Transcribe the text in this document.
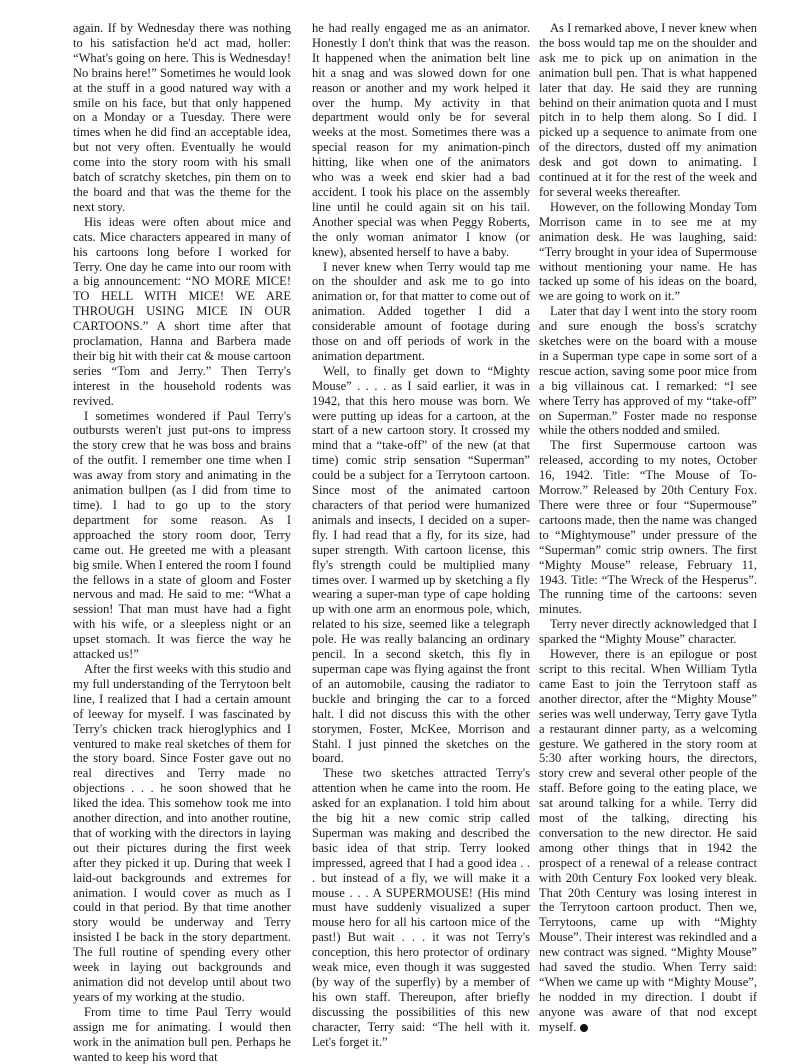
again. If by Wednesday there was nothing to his satisfaction he'd act mad, holler: “What's going on here. This is Wednesday! No brains here!” Sometimes he would look at the stuff in a good natured way with a smile on his face, but that only happened on a Monday or a Tuesday. There were times when he did find an acceptable idea, but not very often. Eventually he would come into the story room with his small batch of scratchy sketches, pin them on to the board and that was the theme for the next story.

His ideas were often about mice and cats. Mice characters appeared in many of his cartoons long before I worked for Terry. One day he came into our room with a big announcement: “NO MORE MICE! TO HELL WITH MICE! WE ARE THROUGH USING MICE IN OUR CARTOONS.” A short time after that proclamation, Hanna and Barbera made their big hit with their cat & mouse cartoon series “Tom and Jerry.” Then Terry's interest in the household rodents was revived.

I sometimes wondered if Paul Terry's outbursts weren't just put-ons to impress the story crew that he was boss and brains of the outfit. I remember one time when I was away from story and animating in the animation bullpen (as I did from time to time). I had to go up to the story department for some reason. As I approached the story room door, Terry came out. He greeted me with a pleasant big smile. When I entered the room I found the fellows in a state of gloom and Foster nervous and mad. He said to me: “What a session! That man must have had a fight with his wife, or a sleepless night or an upset stomach. It was fierce the way he attacked us!”

After the first weeks with this studio and my full understanding of the Terrytoon belt line, I realized that I had a certain amount of leeway for myself. I was fascinated by Terry's chicken track hieroglyphics and I ventured to make real sketches of them for the story board. Since Foster gave out no real directives and Terry made no objections . . . he soon showed that he liked the idea. This somehow took me into another direction, and into another routine, that of working with the directors in laying out their pictures during the first week after they picked it up. During that week I laid-out backgrounds and extremes for animation. I would cover as much as I could in that period. By that time another story would be underway and Terry insisted I be back in the story department. The full routine of spending every other week in laying out backgrounds and animation did not develop until about two years of my working at the studio.

From time to time Paul Terry would assign me for animating. I would then work in the animation bull pen. Perhaps he wanted to keep his word that

he had really engaged me as an animator. Honestly I don't think that was the reason. It happened when the animation belt line hit a snag and was slowed down for one reason or another and my work helped it over the hump. My activity in that department would only be for several weeks at the most. Sometimes there was a special reason for my animation-pinch hitting, like when one of the animators who was a week end skier had a bad accident. I took his place on the assembly line until he could again sit on his tail. Another special was when Peggy Roberts, the only woman animator I know (or knew), absented herself to have a baby.

I never knew when Terry would tap me on the shoulder and ask me to go into animation or, for that matter to come out of animation. Added together I did a considerable amount of footage during those on and off periods of work in the animation department.

Well, to finally get down to “Mighty Mouse” . . . . as I said earlier, it was in 1942, that this hero mouse was born. We were putting up ideas for a cartoon, at the start of a new cartoon story. It crossed my mind that a “take-off” of the new (at that time) comic strip sensation “Superman” could be a subject for a Terrytoon cartoon. Since most of the animated cartoon characters of that period were humanized animals and insects, I decided on a super-fly. I had read that a fly, for its size, had super strength. With cartoon license, this fly's strength could be multiplied many times over. I warmed up by sketching a fly wearing a super-man type of cape holding up with one arm an enormous pole, which, related to his size, seemed like a telegraph pole. He was really balancing an ordinary pencil. In a second sketch, this fly in superman cape was flying against the front of an automobile, causing the radiator to buckle and bringing the car to a forced halt. I did not discuss this with the other storymen, Foster, McKee, Morrison and Stahl. I just pinned the sketches on the board.

These two sketches attracted Terry's attention when he came into the room. He asked for an explanation. I told him about the big hit a new comic strip called Superman was making and described the basic idea of that strip. Terry looked impressed, agreed that I had a good idea . . . but instead of a fly, we will make it a mouse . . . A SUPERMOUSE! (His mind must have suddenly visualized a super mouse hero for all his cartoon mice of the past!) But wait . . . it was not Terry's conception, this hero protector of ordinary weak mice, even though it was suggested (by way of the superfly) by a member of his own staff. Thereupon, after briefly discussing the possibilities of this new character, Terry said: “The hell with it. Let's forget it.”

As I remarked above, I never knew when the boss would tap me on the shoulder and ask me to pick up on animation in the animation bull pen. That is what happened later that day. He said they are running behind on their animation quota and I must pitch in to help them along. So I did. I picked up a sequence to animate from one of the directors, dusted off my animation desk and got down to animating. I continued at it for the rest of the week and for several weeks thereafter.

However, on the following Monday Tom Morrison came in to see me at my animation desk. He was laughing, said: “Terry brought in your idea of Supermouse without mentioning your name. He has tacked up some of his ideas on the board, we are going to work on it.”

Later that day I went into the story room and sure enough the boss's scratchy sketches were on the board with a mouse in a Superman type cape in some sort of a rescue action, saving some poor mice from a big villainous cat. I remarked: “I see where Terry has approved of my “take-off” on Superman.” Foster made no response while the others nodded and smiled.

The first Supermouse cartoon was released, according to my notes, October 16, 1942. Title: “The Mouse of To-Morrow.” Released by 20th Century Fox. There were three or four “Supermouse” cartoons made, then the name was changed to “Mightymouse” under pressure of the “Superman” comic strip owners. The first “Mighty Mouse” release, February 11, 1943. Title: “The Wreck of the Hesperus”. The running time of the cartoons: seven minutes.

Terry never directly acknowledged that I sparked the “Mighty Mouse” character.

However, there is an epilogue or post script to this recital. When William Tytla came East to join the Terrytoon staff as another director, after the “Mighty Mouse” series was well underway, Terry gave Tytla a restaurant dinner party, as a welcoming gesture. We gathered in the story room at 5:30 after working hours, the directors, story crew and several other people of the staff. Before going to the eating place, we sat around talking for a while. Terry did most of the talking, directing his conversation to the new director. He said among other things that in 1942 the prospect of a renewal of a release contract with 20th Century Fox looked very bleak. That 20th Century was losing interest in the Terrytoon cartoon product. Then we, Terrytoons, came up with “Mighty Mouse”. Their interest was rekindled and a new contract was signed. “Mighty Mouse” had saved the studio. When Terry said: “When we came up with “Mighty Mouse”, he nodded in my direction. I doubt if anyone was aware of that nod except myself.
